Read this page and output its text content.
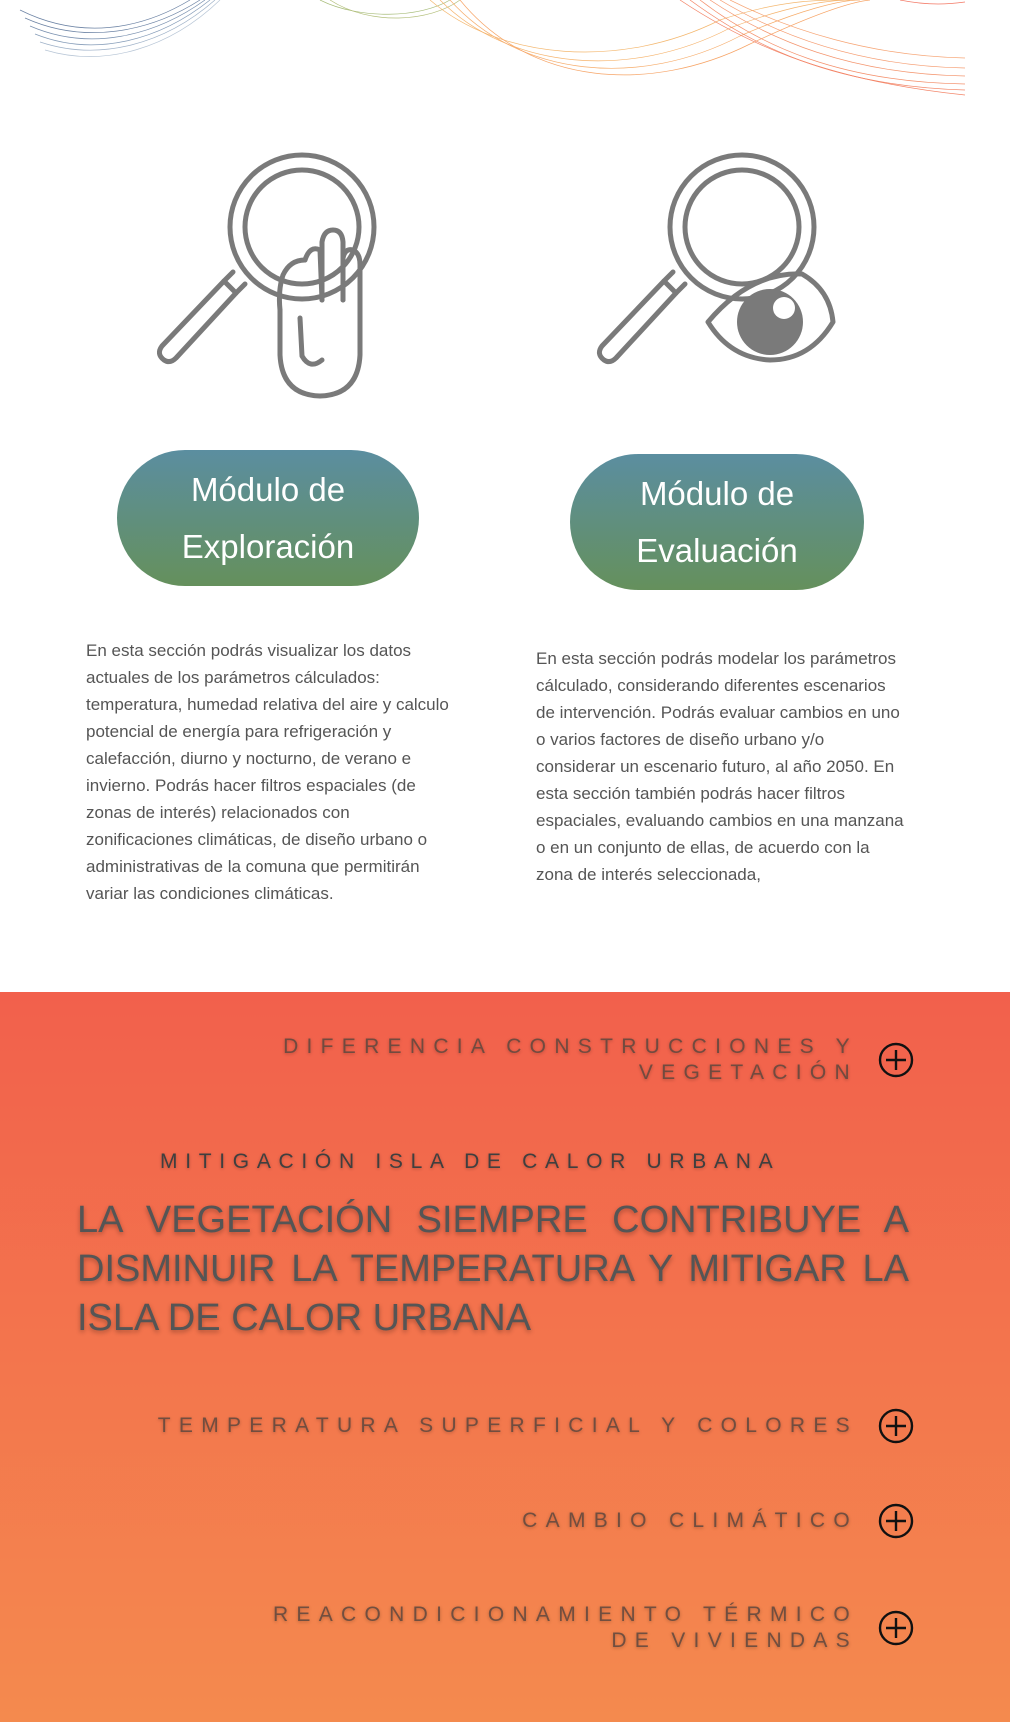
Módulo de
Exploración
Módulo de
Evaluación
En esta sección podrás visualizar los datos actuales de los parámetros cálculados: temperatura, humedad relativa del aire y calculo potencial de energía para refrigeración y calefacción, diurno y nocturno, de verano e invierno. Podrás hacer filtros espaciales (de zonas de interés) relacionados con zonificaciones climáticas, de diseño urbano o administrativas de la comuna que permitirán variar las condiciones climáticas.
En esta sección podrás modelar los parámetros cálculado, considerando diferentes escenarios de intervención. Podrás evaluar cambios en uno o varios factores de diseño urbano y/o considerar un escenario futuro, al año 2050. En esta sección también podrás hacer filtros espaciales, evaluando cambios en una manzana o en un conjunto de ellas, de acuerdo con la zona de interés seleccionada,
DIFERENCIA CONSTRUCCIONES Y VEGETACIÓN
MITIGACIÓN ISLA DE CALOR URBANA
LA VEGETACIÓN SIEMPRE CONTRIBUYE A DISMINUIR LA TEMPERATURA Y MITIGAR LA ISLA DE CALOR URBANA
TEMPERATURA SUPERFICIAL Y COLORES
CAMBIO CLIMÁTICO
REACONDICIONAMIENTO TÉRMICO DE VIVIENDAS
